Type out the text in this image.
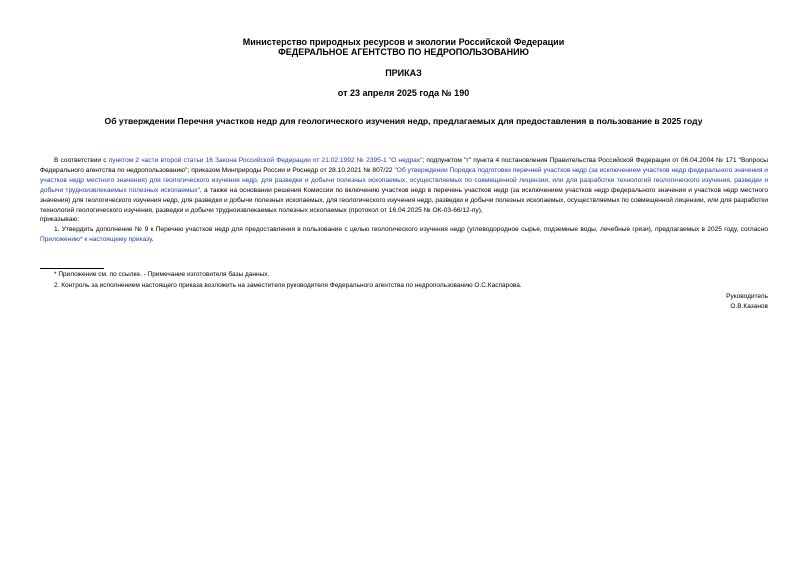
Министерство природных ресурсов и экологии Российской Федерации
ФЕДЕРАЛЬНОЕ АГЕНТСТВО ПО НЕДРОПОЛЬЗОВАНИЮ
ПРИКАЗ
от 23 апреля 2025 года № 190
Об утверждении Перечня участков недр для геологического изучения недр, предлагаемых для предоставления в пользование в 2025 году

В соответствии с пунктом 2 части второй статьи 16 Закона Российской Федерации от 21.02.1992 № 2395-1 "О недрах"; подпунктом "г" пункта 4 постановления Правительства Российской Федерации от 06.04.2004 № 171 "Вопросы Федерального агентства по недропользованию"; приказом Минприроды России и Роснедр от 28.10.2021 № 807/22 "Об утверждении Порядка подготовки перечней участков недр (за исключением участков недр федерального значения и участков недр местного значения) для геологического изучения недр, для разведки и добычи полезных ископаемых, осуществляемых по совмещенной лицензии, или для разработки технологий геологического изучения, разведки и добычи трудноизвлекаемых полезных ископаемых", а также на основании решения Комиссии по включению участков недр в перечень участков недр (за исключением участков недр федерального значения и участков недр местного значения) для геологического изучения недр, для разведки и добычи полезных ископаемых, для геологического изучения недр, разведки и добычи полезных ископаемых, осуществляемых по совмещенной лицензии, или для разработки технологий геологического изучения, разведки и добычи трудноизвлекаемых полезных ископаемых (протокол от 16.04.2025 № ОК-03-66/12-пу),

приказываю:

1. Утвердить дополнение № 9 к Перечню участков недр для предоставления в пользование с целью геологического изучения недр (углеводородное сырье, подземные воды, лечебные грязи), предлагаемых в 2025 году, согласно Приложению* к настоящему приказу.

* Приложение см. по ссылке. - Примечание изготовителя базы данных.
2. Контроль за исполнением настоящего приказа возложить на заместителя руководителя Федерального агентства по недропользованию О.С.Каспарова.
Руководитель
О.В.Казанов
